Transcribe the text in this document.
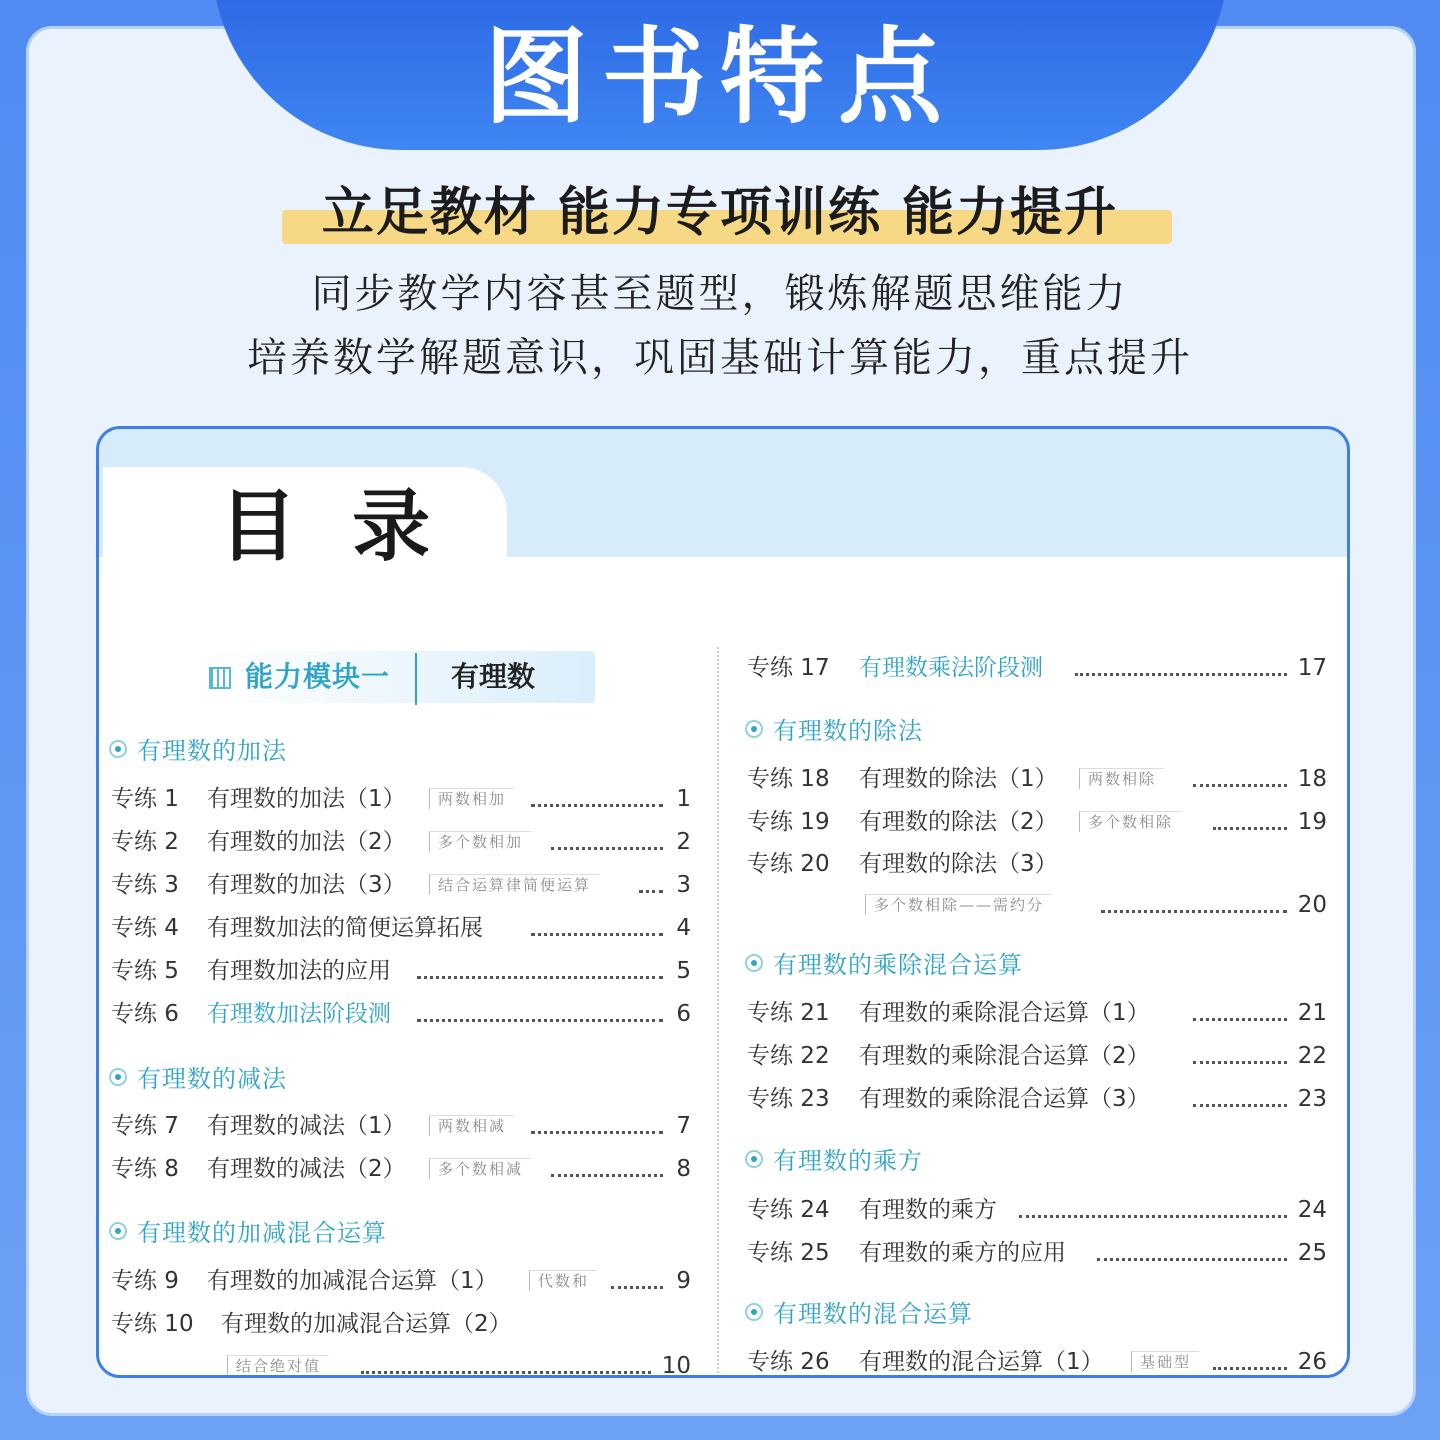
图书特点
立足教材 能力专项训练 能力提升
同步教学内容甚至题型，锻炼解题思维能力
培养数学解题意识，巩固基础计算能力，重点提升
目 录
能力模块一 有理数
有理数的加法
有理数的减法
有理数的加减混合运算
有理数的除法
有理数的乘除混合运算
有理数的乘方
有理数的混合运算
专练 1 有理数的加法（1）	两数相加	1
专练 2 有理数的加法（2）	多个数相加	2
专练 3 有理数的加法（3）	结合运算律简便运算	3
专练 4 有理数加法的简便运算拓展	4
专练 5 有理数加法的应用	5
专练 6 有理数加法阶段测	6
专练 7 有理数的减法（1）	两数相减	7
专练 8 有理数的减法（2）	多个数相减	8
专练 9 有理数的加减混合运算（1）	代数和	9
专练 10 有理数的加减混合运算（2）
结合绝对值	10
专练 17 有理数乘法阶段测	17
专练 18 有理数的除法（1）	两数相除	18
专练 19 有理数的除法（2）	多个数相除	19
专练 20 有理数的除法（3）
多个数相除——需约分	20
专练 21 有理数的乘除混合运算（1）	21
专练 22 有理数的乘除混合运算（2）	22
专练 23 有理数的乘除混合运算（3）	23
专练 24 有理数的乘方	24
专练 25 有理数的乘方的应用	25
专练 26 有理数的混合运算（1）	基础型	26
